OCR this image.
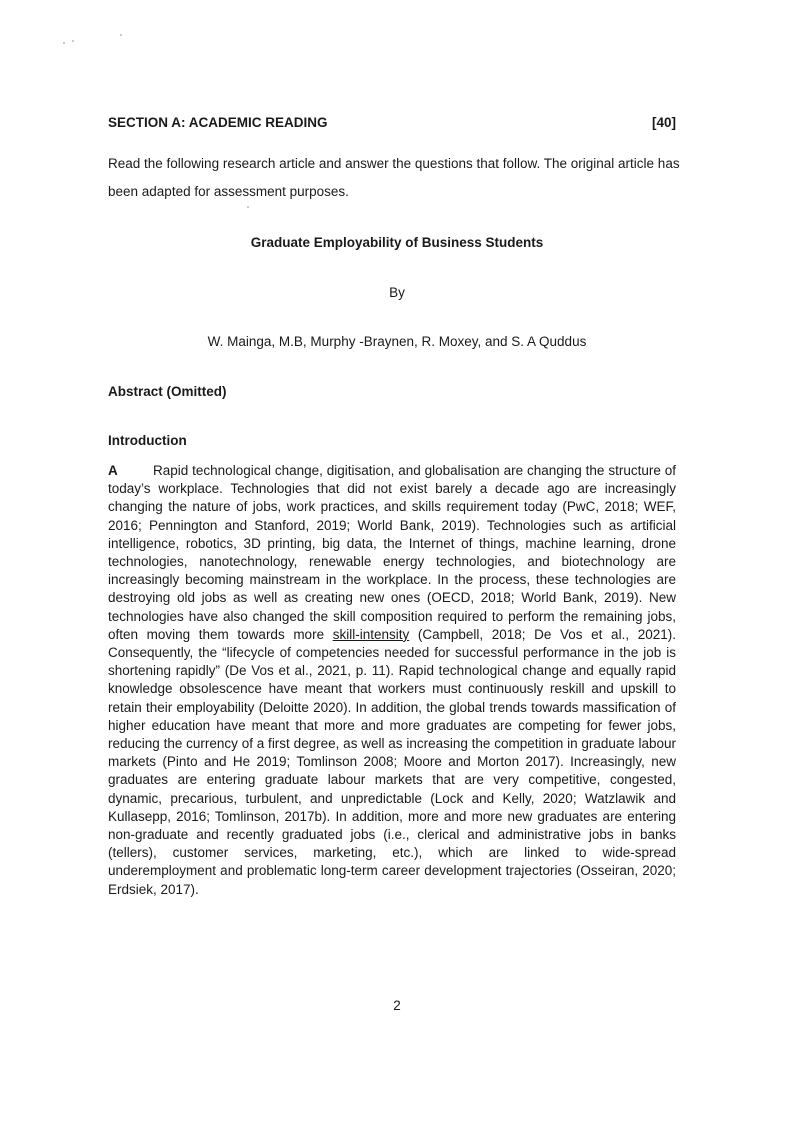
SECTION A: ACADEMIC READING	[40]
Read the following research article and answer the questions that follow. The original article has been adapted for assessment purposes.
Graduate Employability of Business Students
By
W. Mainga, M.B, Murphy -Braynen, R. Moxey, and S. A Quddus
Abstract (Omitted)
Introduction
A	Rapid technological change, digitisation, and globalisation are changing the structure of today’s workplace. Technologies that did not exist barely a decade ago are increasingly changing the nature of jobs, work practices, and skills requirement today (PwC, 2018; WEF, 2016; Pennington and Stanford, 2019; World Bank, 2019). Technologies such as artificial intelligence, robotics, 3D printing, big data, the Internet of things, machine learning, drone technologies, nanotechnology, renewable energy technologies, and biotechnology are increasingly becoming mainstream in the workplace. In the process, these technologies are destroying old jobs as well as creating new ones (OECD, 2018; World Bank, 2019). New technologies have also changed the skill composition required to perform the remaining jobs, often moving them towards more skill-intensity (Campbell, 2018; De Vos et al., 2021). Consequently, the “lifecycle of competencies needed for successful performance in the job is shortening rapidly” (De Vos et al., 2021, p. 11). Rapid technological change and equally rapid knowledge obsolescence have meant that workers must continuously reskill and upskill to retain their employability (Deloitte 2020). In addition, the global trends towards massification of higher education have meant that more and more graduates are competing for fewer jobs, reducing the currency of a first degree, as well as increasing the competition in graduate labour markets (Pinto and He 2019; Tomlinson 2008; Moore and Morton 2017). Increasingly, new graduates are entering graduate labour markets that are very competitive, congested, dynamic, precarious, turbulent, and unpredictable (Lock and Kelly, 2020; Watzlawik and Kullasepp, 2016; Tomlinson, 2017b). In addition, more and more new graduates are entering non-graduate and recently graduated jobs (i.e., clerical and administrative jobs in banks (tellers), customer services, marketing, etc.), which are linked to wide-spread underemployment and problematic long-term career development trajectories (Osseiran, 2020; Erdsiek, 2017).
2
